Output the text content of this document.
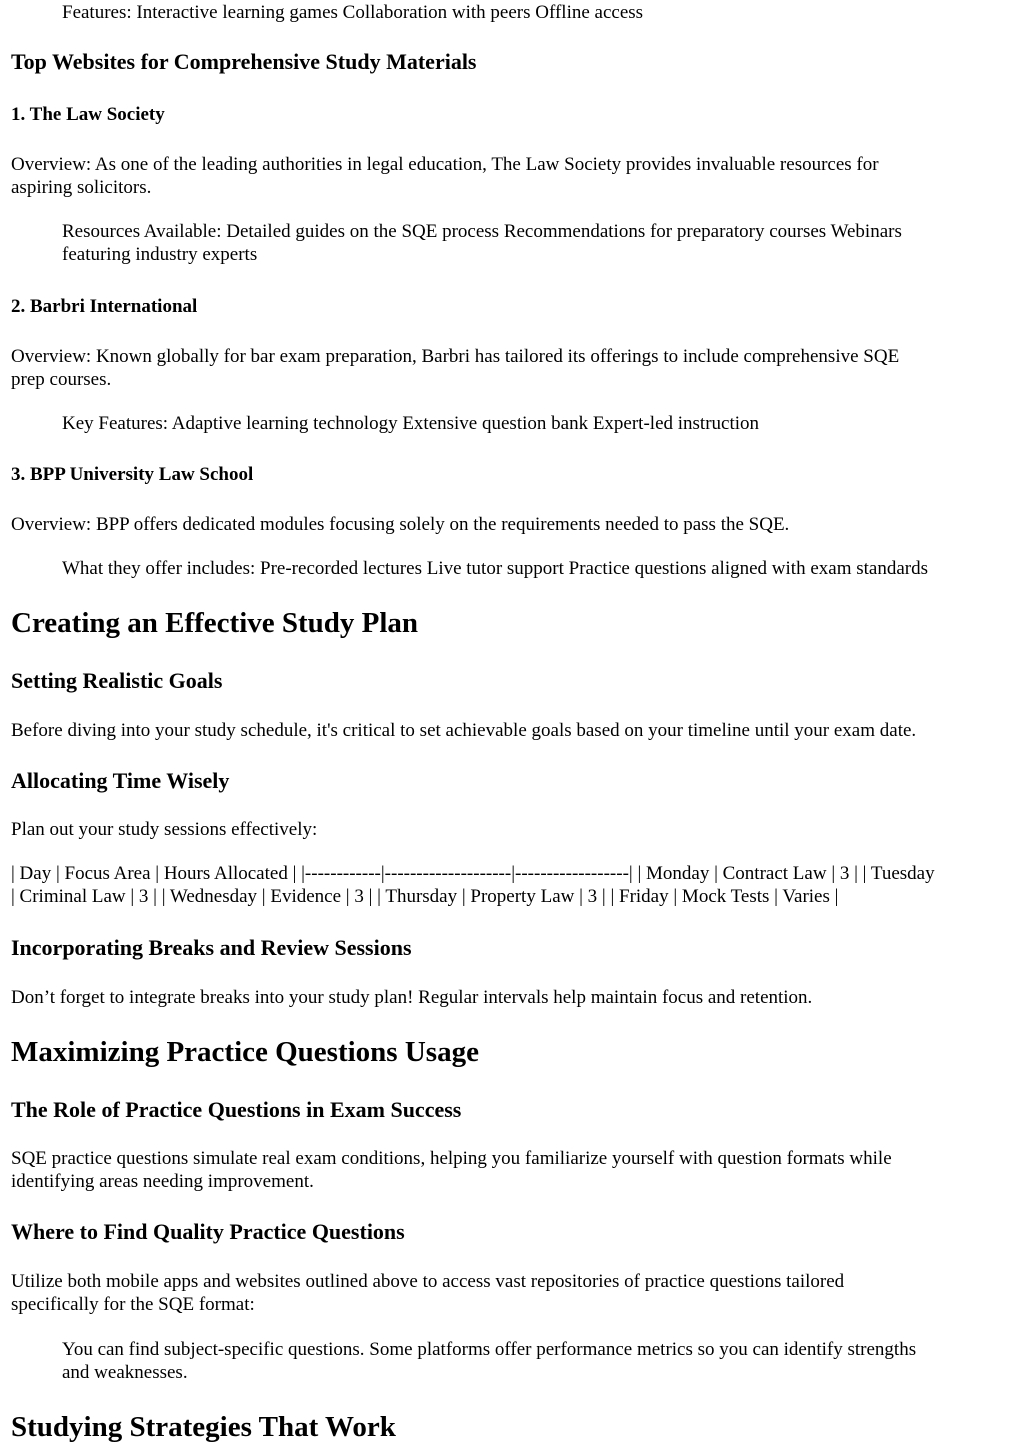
Features: Interactive learning games Collaboration with peers Offline access

Top Websites for Comprehensive Study Materials
1. The Law Society

Overview: As one of the leading authorities in legal education, The Law Society provides invaluable resources for

aspiring solicitors.

Resources Available: Detailed guides on the SQE process Recommendations for preparatory courses Webinars

featuring industry experts

2. Barbri International

Overview: Known globally for bar exam preparation, Barbri has tailored its offerings to include comprehensive SQE

prep courses.

Key Features: Adaptive learning technology Extensive question bank Expert-led instruction

3. BPP University Law School

Overview: BPP offers dedicated modules focusing solely on the requirements needed to pass the SQE.

What they offer includes: Pre-recorded lectures Live tutor support Practice questions aligned with exam standards

Creating an Effective Study Plan
Setting Realistic Goals

Before diving into your study schedule, it's critical to set achievable goals based on your timeline until your exam date.

Allocating Time Wisely

Plan out your study sessions effectively:

| Day | Focus Area | Hours Allocated | |------------|--------------------|------------------| | Monday | Contract Law | 3 | | Tuesday

| Criminal Law | 3 | | Wednesday | Evidence | 3 | | Thursday | Property Law | 3 | | Friday | Mock Tests | Varies |

Incorporating Breaks and Review Sessions

Don’t forget to integrate breaks into your study plan! Regular intervals help maintain focus and retention.

Maximizing Practice Questions Usage
The Role of Practice Questions in Exam Success

SQE practice questions simulate real exam conditions, helping you familiarize yourself with question formats while

identifying areas needing improvement.

Where to Find Quality Practice Questions

Utilize both mobile apps and websites outlined above to access vast repositories of practice questions tailored

specifically for the SQE format:

You can find subject-specific questions. Some platforms offer performance metrics so you can identify strengths

and weaknesses.

Studying Strategies That Work
